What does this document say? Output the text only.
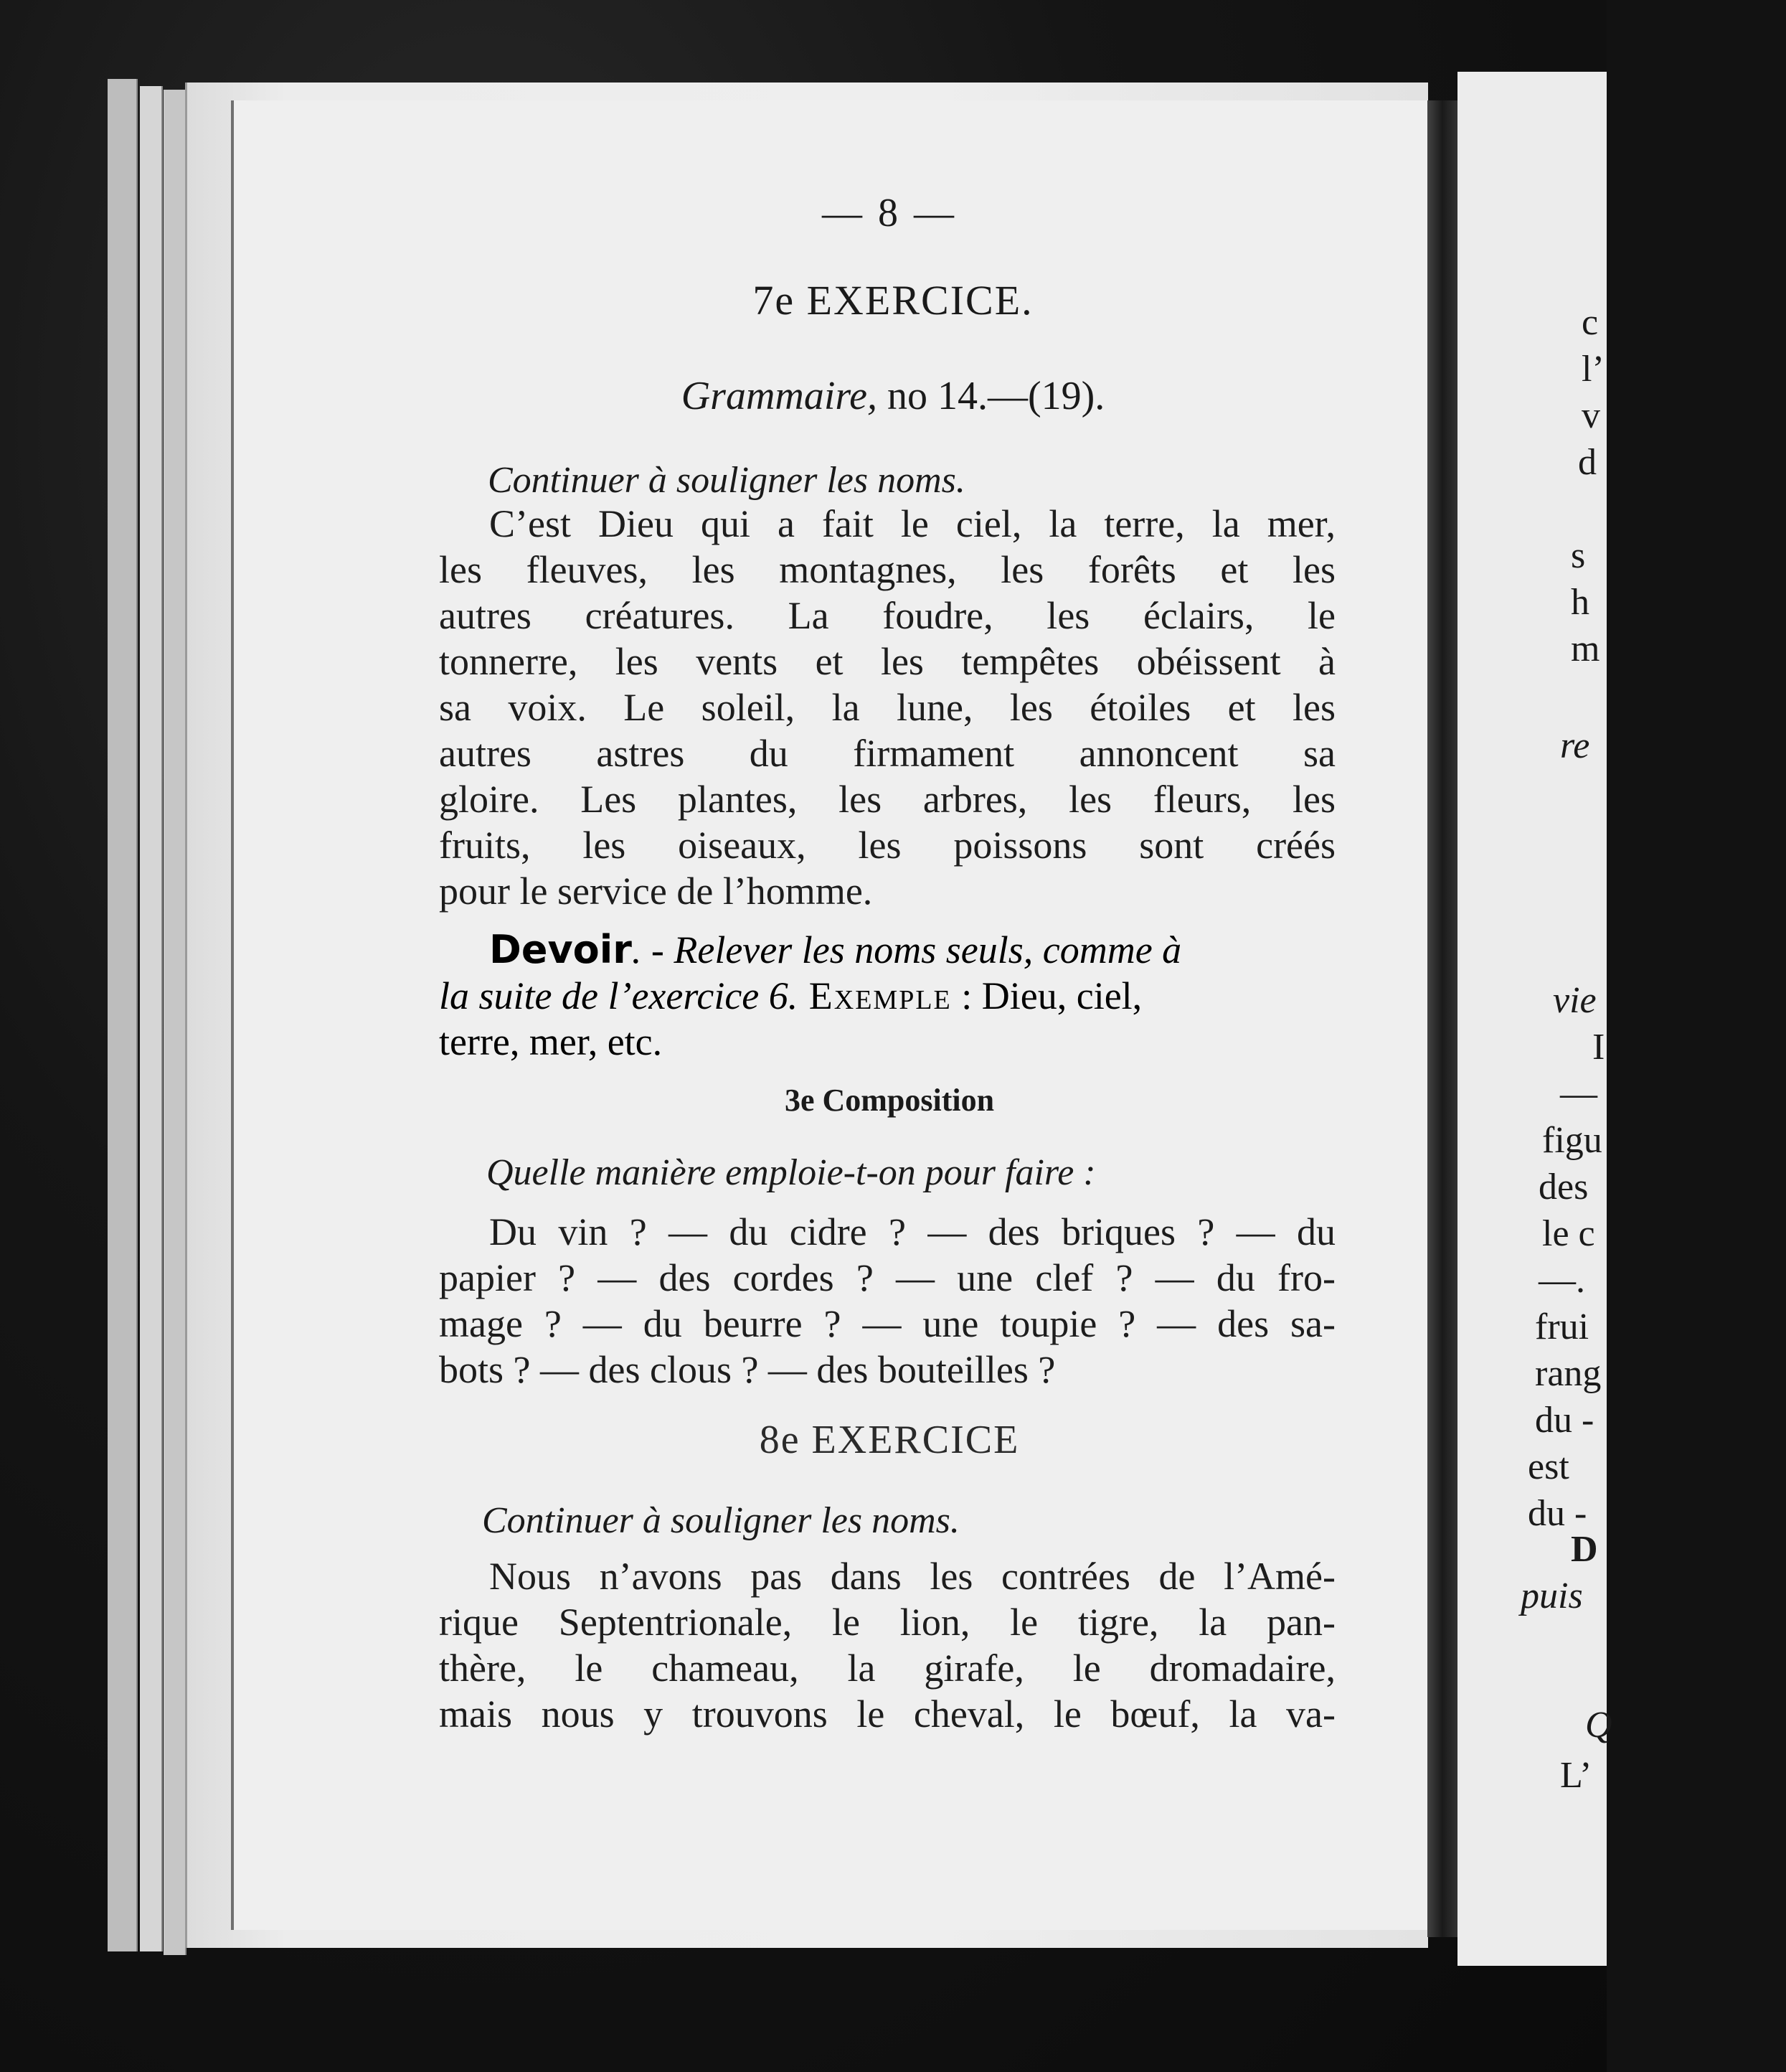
— 8 —
7e EXERCICE.
Grammaire, no 14.—(19).
Continuer à souligner les noms.
C’est Dieu qui a fait le ciel, la terre, la mer,
les fleuves, les montagnes, les forêts et les
autres créatures. La foudre, les éclairs, le
tonnerre, les vents et les tempêtes obéissent à
sa voix. Le soleil, la lune, les étoiles et les
autres astres du firmament annoncent sa
gloire. Les plantes, les arbres, les fleurs, les
fruits, les oiseaux, les poissons sont créés
pour le service de l’homme.
Devoir. - Relever les noms seuls, comme à
la suite de l’exercice 6. Exemple : Dieu, ciel,
terre, mer, etc.
3e Composition
Quelle manière emploie-t-on pour faire :
Du vin ? — du cidre ? — des briques ? — du
papier ? — des cordes ? — une clef ? — du fro-
mage ? — du beurre ? — une toupie ? — des sa-
bots ? — des clous ? — des bouteilles ?
8e EXERCICE
Continuer à souligner les noms.
Nous n’avons pas dans les contrées de l’Amé-
rique Septentrionale, le lion, le tigre, la pan-
thère, le chameau, la girafe, le dromadaire,
mais nous y trouvons le cheval, le bœuf, la va-
c
l’
v
d
s
h
m
re
vie
I
—
figu
des
le c
—.
frui
rang
du -
est
du -
D
puis
Q
L’
